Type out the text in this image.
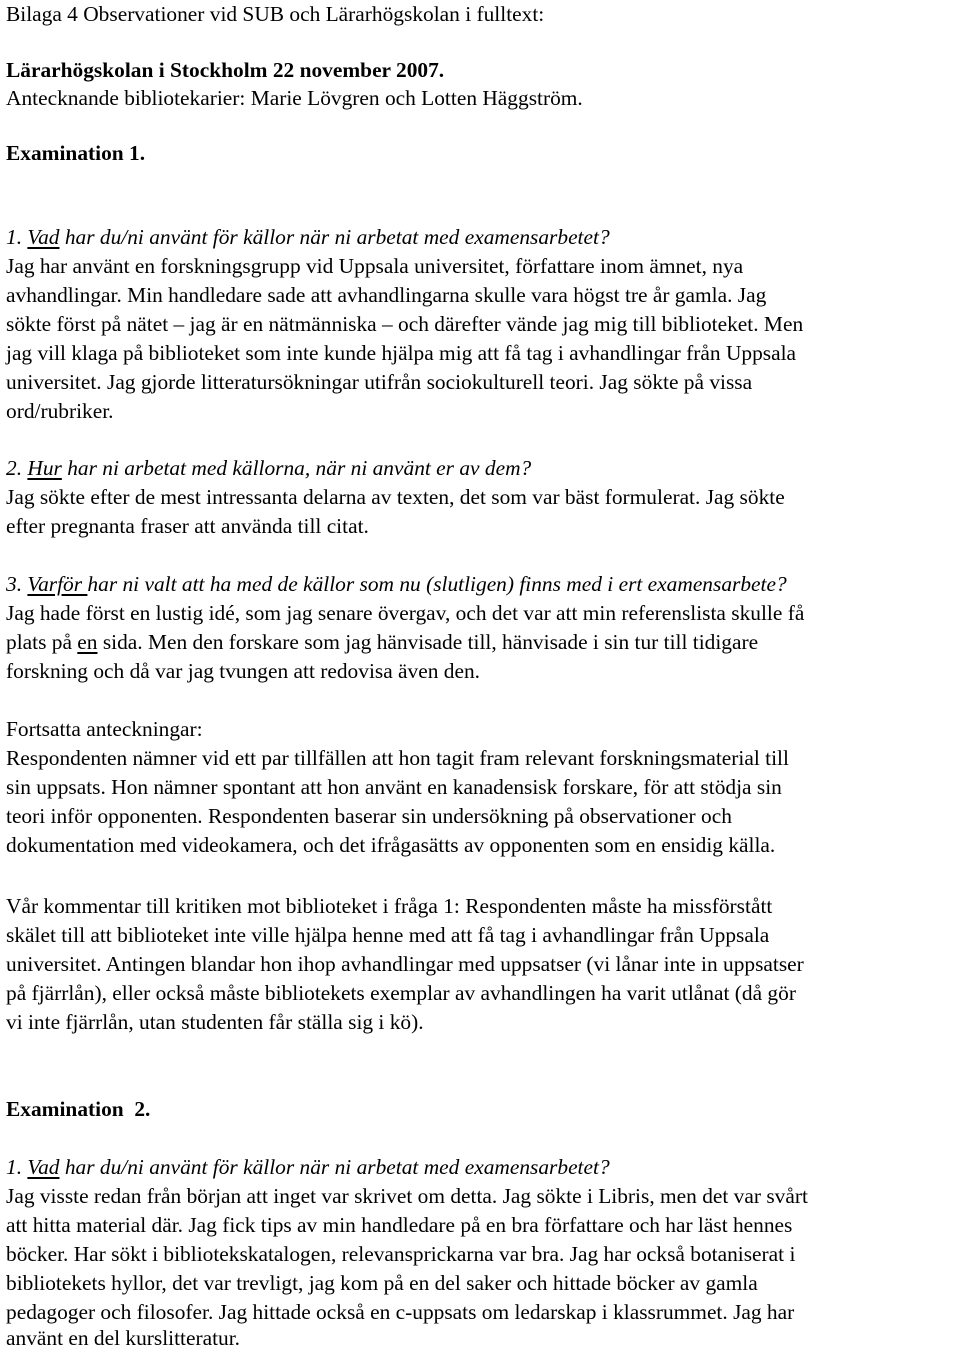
Bilaga 4 Observationer vid SUB och Lärarhögskolan i fulltext:
Lärarhögskolan i Stockholm 22 november 2007.
Antecknande bibliotekarier: Marie Lövgren och Lotten Häggström.
Examination 1.
1. Vad har du/ni använt för källor när ni arbetat med examensarbetet?
Jag har använt en forskningsgrupp vid Uppsala universitet, författare inom ämnet, nya
avhandlingar. Min handledare sade att avhandlingarna skulle vara högst tre år gamla. Jag
sökte först på nätet – jag är en nätmänniska – och därefter vände jag mig till biblioteket. Men
jag vill klaga på biblioteket som inte kunde hjälpa mig att få tag i avhandlingar från Uppsala
universitet. Jag gjorde litteratursökningar utifrån sociokulturell teori. Jag sökte på vissa
ord/rubriker.
2. Hur har ni arbetat med källorna, när ni använt er av dem?
Jag sökte efter de mest intressanta delarna av texten, det som var bäst formulerat. Jag sökte
efter pregnanta fraser att använda till citat.
3. Varför har ni valt att ha med de källor som nu (slutligen) finns med i ert examensarbete?
Jag hade först en lustig idé, som jag senare övergav, och det var att min referenslista skulle få
plats på en sida. Men den forskare som jag hänvisade till, hänvisade i sin tur till tidigare
forskning och då var jag tvungen att redovisa även den.
Fortsatta anteckningar:
Respondenten nämner vid ett par tillfällen att hon tagit fram relevant forskningsmaterial till
sin uppsats. Hon nämner spontant att hon använt en kanadensisk forskare, för att stödja sin
teori inför opponenten. Respondenten baserar sin undersökning på observationer och
dokumentation med videokamera, och det ifrågasätts av opponenten som en ensidig källa.
Vår kommentar till kritiken mot biblioteket i fråga 1: Respondenten måste ha missförstått
skälet till att biblioteket inte ville hjälpa henne med att få tag i avhandlingar från Uppsala
universitet. Antingen blandar hon ihop avhandlingar med uppsatser (vi lånar inte in uppsatser
på fjärrlån), eller också måste bibliotekets exemplar av avhandlingen ha varit utlånat (då gör
vi inte fjärrlån, utan studenten får ställa sig i kö).
Examination  2.
1. Vad har du/ni använt för källor när ni arbetat med examensarbetet?
Jag visste redan från början att inget var skrivet om detta. Jag sökte i Libris, men det var svårt
att hitta material där. Jag fick tips av min handledare på en bra författare och har läst hennes
böcker. Har sökt i bibliotekskatalogen, relevansprickarna var bra. Jag har också botaniserat i
bibliotekets hyllor, det var trevligt, jag kom på en del saker och hittade böcker av gamla
pedagoger och filosofer. Jag hittade också en c-uppsats om ledarskap i klassrummet. Jag har
använt en del kurslitteratur.
